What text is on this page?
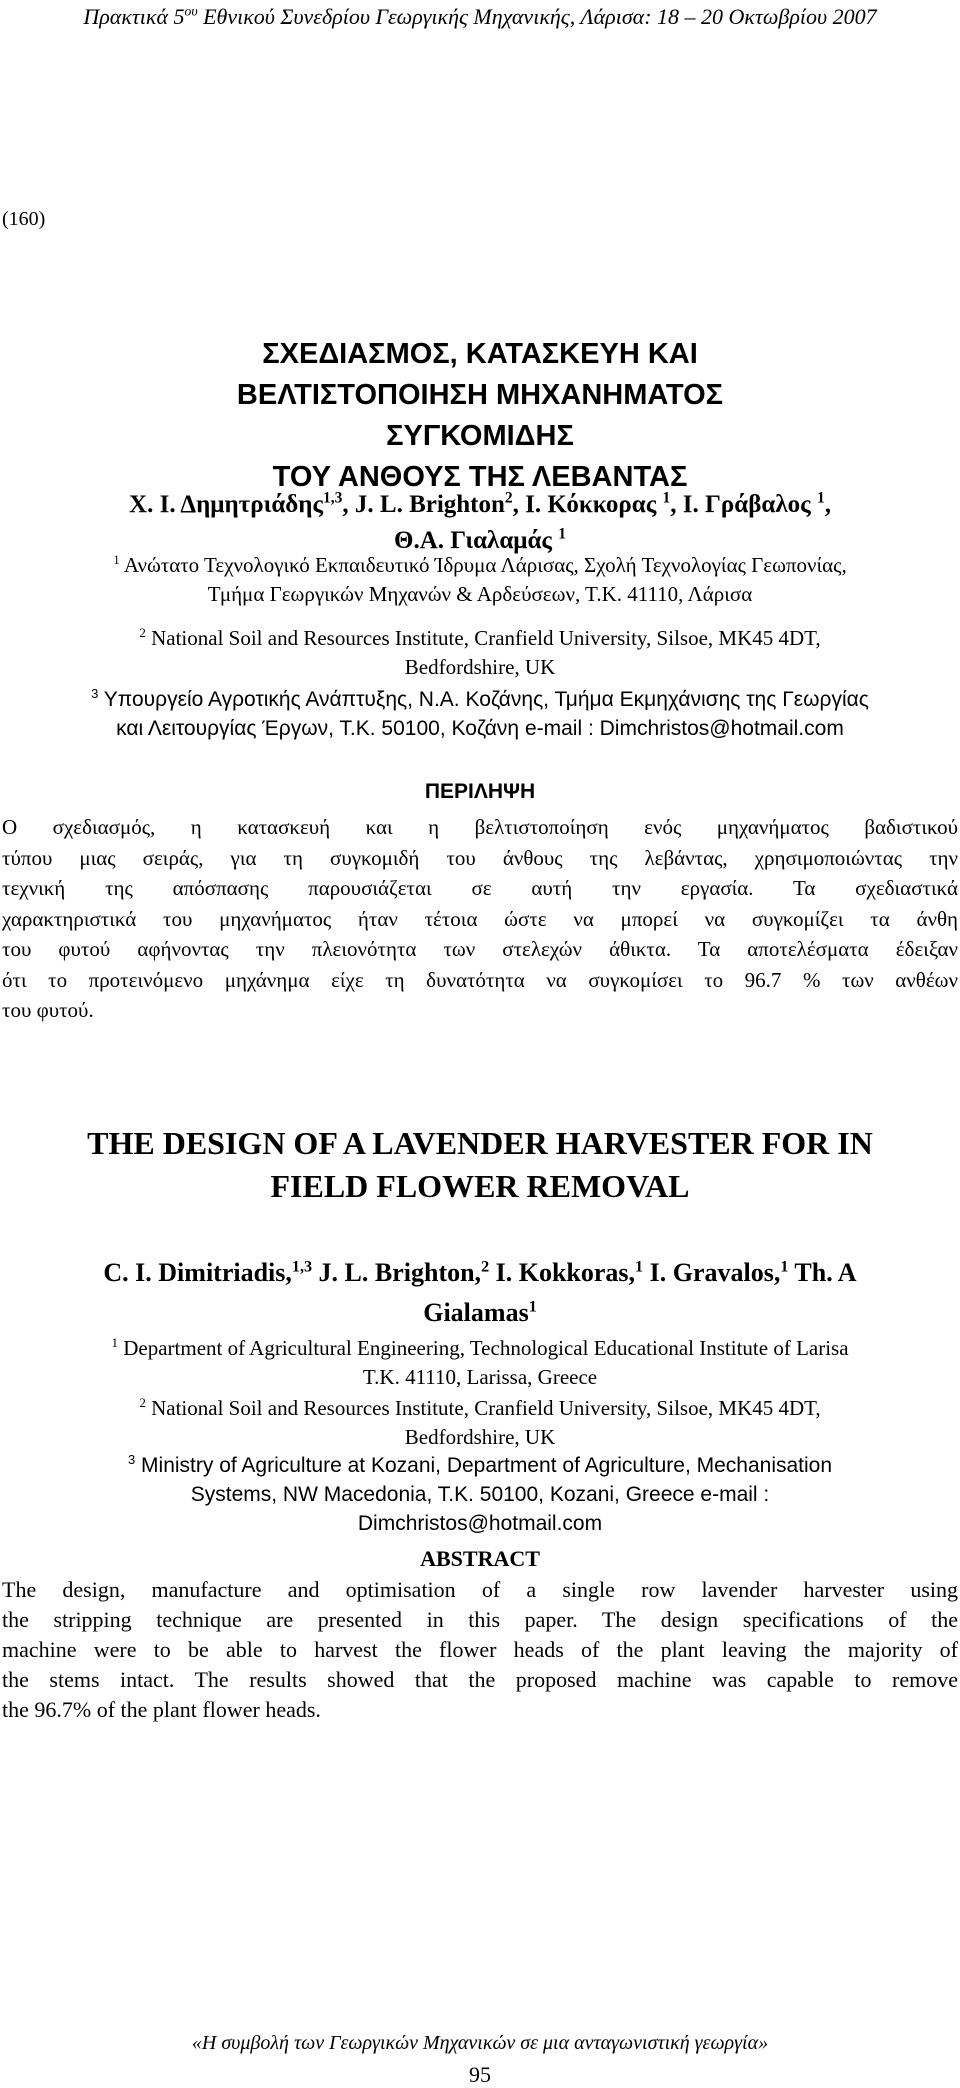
Πρακτικά $5^{o\upsilon}$ Εθνικού Συνεδρίου Γεωργικής Μηχανικής, Λάρισα: 18 – 20 Οκτωβρίου 2007
(160)
ΣΧΕΔΙΑΣΜΟΣ, ΚΑΤΑΣΚΕΥΗ ΚΑΙ
ΒΕΛΤΙΣΤΟΠΟΙΗΣΗ ΜΗΧΑΝΗΜΑΤΟΣ ΣΥΓΚΟΜΙΔΗΣ
ΤΟΥ ΑΝΘΟΥΣ ΤΗΣ ΛΕΒΑΝΤΑΣ
Χ. Ι. Δημητριάδης$^{1,3}$, J. L. Brighton$^2$, Ι. Κόκκορας $^1$, Ι. Γράβαλος $^1$,
Θ.Α. Γιαλαμάς $^1$
$^1$ Ανώτατο Τεχνολογικό Εκπαιδευτικό Ίδρυμα Λάρισας, Σχολή Τεχνολογίας Γεωπονίας,
Τμήμα Γεωργικών Μηχανών & Αρδεύσεων, Τ.Κ. 41110, Λάρισα
$^2$ National Soil and Resources Institute, Cranfield University, Silsoe, MK45 4DT,
Bedfordshire, UK
$^3$ Υπουργείο Αγροτικής Ανάπτυξης, Ν.Α. Κοζάνης, Τμήμα Εκμηχάνισης της Γεωργίας
και Λειτουργίας Έργων, Τ.Κ. 50100, Κοζάνη e-mail : Dimchristos@hotmail.com
ΠΕΡΙΛΗΨΗ
Ο σχεδιασμός, η κατασκευή και η βελτιστοποίηση ενός μηχανήματος βαδιστικού
τύπου μιας σειράς, για τη συγκομιδή του άνθους της λεβάντας, χρησιμοποιώντας την
τεχνική της απόσπασης παρουσιάζεται σε αυτή την εργασία. Τα σχεδιαστικά
χαρακτηριστικά του μηχανήματος ήταν τέτοια ώστε να μπορεί να συγκομίζει τα άνθη
του φυτού αφήνοντας την πλειονότητα των στελεχών άθικτα. Τα αποτελέσματα έδειξαν
ότι το προτεινόμενο μηχάνημα είχε τη δυνατότητα να συγκομίσει το 96.7 % των ανθέων
του φυτού.
THE DESIGN OF A LAVENDER HARVESTER FOR IN
FIELD FLOWER REMOVAL
C. I. Dimitriadis,$^{1,3}$ J. L. Brighton,$^2$ I. Kokkoras,$^1$ I. Gravalos,$^1$ Th. A
Gialamas$^1$
$^1$ Department of Agricultural Engineering, Technological Educational Institute of Larisa
T.K. 41110, Larissa, Greece
$^2$ National Soil and Resources Institute, Cranfield University, Silsoe, MK45 4DT,
Bedfordshire, UK
$^3$ Ministry of Agriculture at Kozani, Department of Agriculture, Mechanisation
Systems, NW Macedonia, T.K. 50100, Kozani, Greece e-mail :
Dimchristos@hotmail.com
ABSTRACT
The design, manufacture and optimisation of a single row lavender harvester using
the stripping technique are presented in this paper. The design specifications of the
machine were to be able to harvest the flower heads of the plant leaving the majority of
the stems intact. The results showed that the proposed machine was capable to remove
the 96.7% of the plant flower heads.
«Η συμβολή των Γεωργικών Μηχανικών σε μια ανταγωνιστική γεωργία»
95
